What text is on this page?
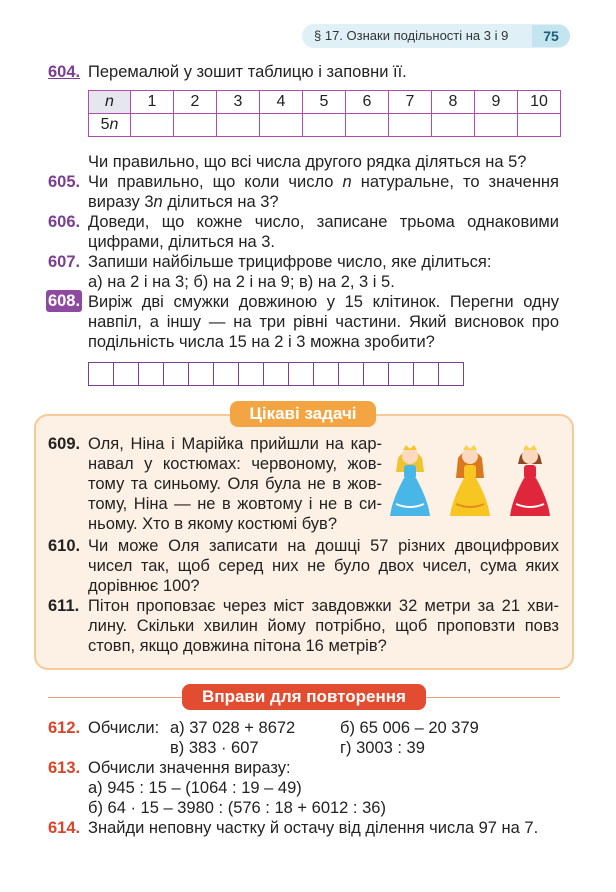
§ 17. Ознаки подільності на 3 і 9	75
604. Перемалюй у зошит таблицю і заповни її.
n	1	2	3	4	5	6	7	8	9	10
5n										
Чи правильно, що всі числа другого рядка діляться на 5?
605. Чи правильно, що коли число n натуральне, то значення
виразу 3n ділиться на 3?
606. Доведи, що кожне число, записане трьома однаковими
цифрами, ділиться на 3.
607. Запиши найбільше трицифрове число, яке ділиться:
а) на 2 і на 3; б) на 2 і на 9; в) на 2, 3 і 5.
608. Виріж дві смужки довжиною у 15 клітинок. Перегни одну
навпіл, а іншу — на три рівні частини. Який висновок про
подільність числа 15 на 2 і 3 можна зробити?
Цікаві задачі
609. Оля, Ніна і Марійка прийшли на кар-
навал у костюмах: червоному, жов-
тому та синьому. Оля була не в жов-
тому, Ніна — не в жовтому і не в си-
ньому. Хто в якому костюмі був?
610. Чи може Оля записати на дошці 57 різних двоцифрових
чисел так, щоб серед них не було двох чисел, сума яких
дорівнює 100?
611. Пітон проповзає через міст завдовжки 32 метри за 21 хви-
лину. Скільки хвилин йому потрібно, щоб проповзти повз
стовп, якщо довжина пітона 16 метрів?
Вправи для повторення
612. Обчисли: а) 37 028 + 8672	б) 65 006 – 20 379
в) 383 · 607	г) 3003 : 39
613. Обчисли значення виразу:
а) 945 : 15 – (1064 : 19 – 49)
б) 64 · 15 – 3980 : (576 : 18 + 6012 : 36)
614. Знайди неповну частку й остачу від ділення числа 97 на 7.
